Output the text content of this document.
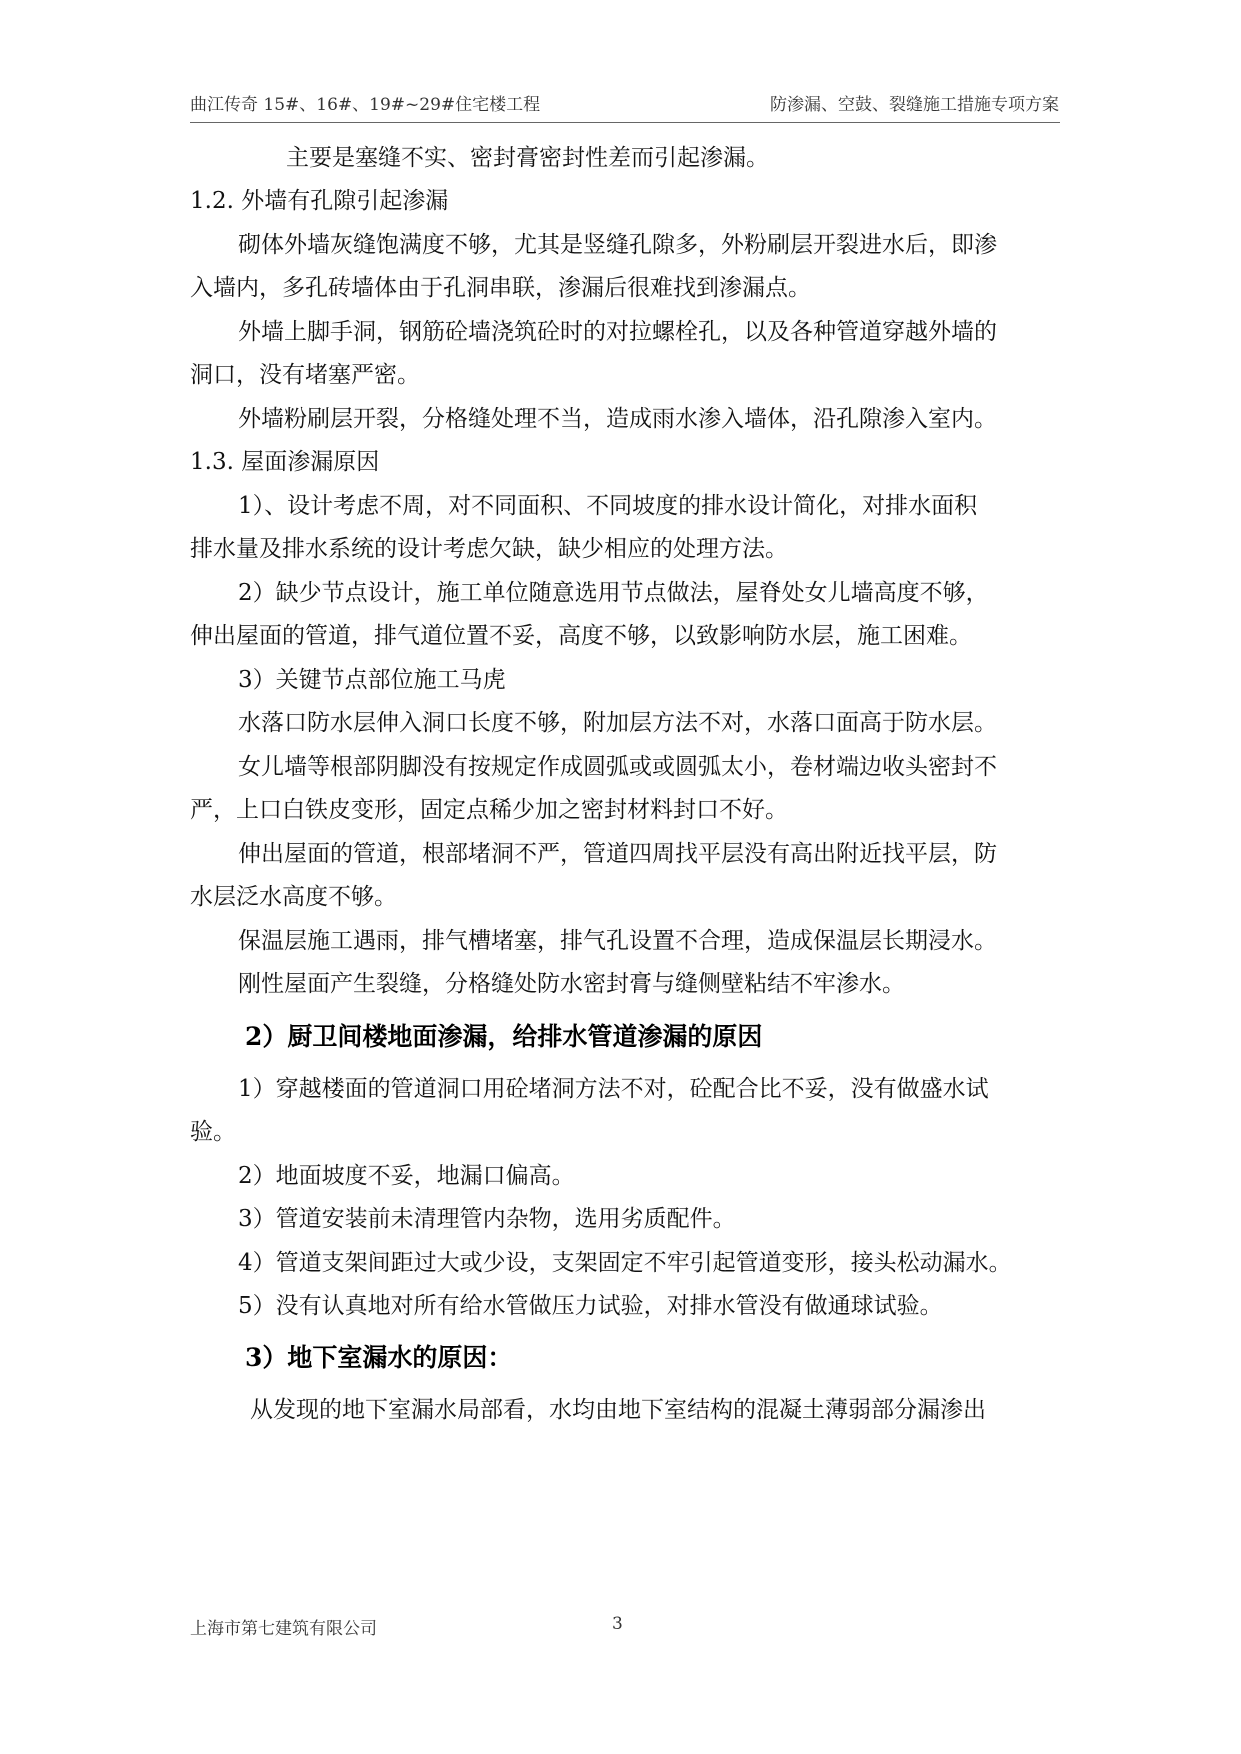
曲江传奇 15#、16#、19#~29#住宅楼工程	防渗漏、空鼓、裂缝施工措施专项方案
主要是塞缝不实、密封膏密封性差而引起渗漏。
1.2. 外墙有孔隙引起渗漏
砌体外墙灰缝饱满度不够，尤其是竖缝孔隙多，外粉刷层开裂进水后，即渗
入墙内，多孔砖墙体由于孔洞串联，渗漏后很难找到渗漏点。
外墙上脚手洞，钢筋砼墙浇筑砼时的对拉螺栓孔，以及各种管道穿越外墙的
洞口，没有堵塞严密。
外墙粉刷层开裂，分格缝处理不当，造成雨水渗入墙体，沿孔隙渗入室内。
1.3. 屋面渗漏原因
1）、设计考虑不周，对不同面积、不同坡度的排水设计简化，对排水面积
排水量及排水系统的设计考虑欠缺，缺少相应的处理方法。
2）缺少节点设计，施工单位随意选用节点做法，屋脊处女儿墙高度不够，
伸出屋面的管道，排气道位置不妥，高度不够，以致影响防水层，施工困难。
3）关键节点部位施工马虎
水落口防水层伸入洞口长度不够，附加层方法不对，水落口面高于防水层。
女儿墙等根部阴脚没有按规定作成圆弧或或圆弧太小，卷材端边收头密封不
严，上口白铁皮变形，固定点稀少加之密封材料封口不好。
伸出屋面的管道，根部堵洞不严，管道四周找平层没有高出附近找平层，防
水层泛水高度不够。
保温层施工遇雨，排气槽堵塞，排气孔设置不合理，造成保温层长期浸水。
刚性屋面产生裂缝，分格缝处防水密封膏与缝侧壁粘结不牢渗水。
2）厨卫间楼地面渗漏，给排水管道渗漏的原因
1）穿越楼面的管道洞口用砼堵洞方法不对，砼配合比不妥，没有做盛水试
验。
2）地面坡度不妥，地漏口偏高。
3）管道安装前未清理管内杂物，选用劣质配件。
4）管道支架间距过大或少设，支架固定不牢引起管道变形，接头松动漏水。
5）没有认真地对所有给水管做压力试验，对排水管没有做通球试验。
3）地下室漏水的原因：
从发现的地下室漏水局部看，水均由地下室结构的混凝土薄弱部分漏渗出
上海市第七建筑有限公司	3
